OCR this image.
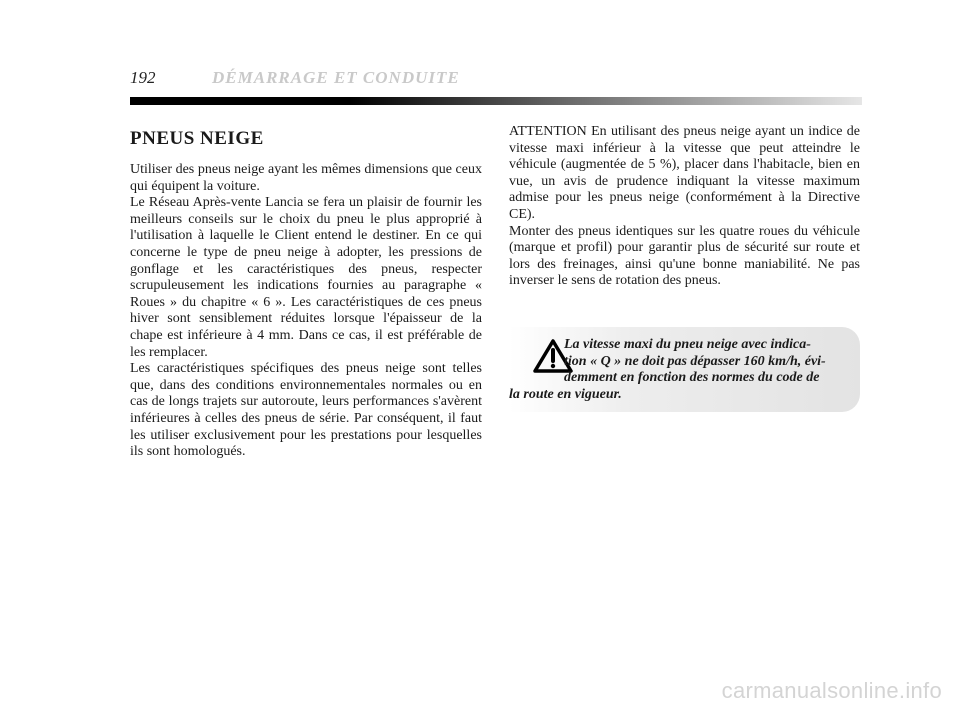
192	DÉMARRAGE ET CONDUITE
PNEUS NEIGE

Utiliser des pneus neige ayant les mêmes dimensions que ceux qui équipent la voiture.

Le Réseau Après-vente Lancia se fera un plaisir de fournir les meilleurs conseils sur le choix du pneu le plus approprié à l'utilisation à laquelle le Client entend le destiner. En ce qui concerne le type de pneu neige à adopter, les pressions de gonflage et les caractéristiques des pneus, respecter scrupuleusement les indications fournies au paragraphe « Roues » du chapitre « 6 ». Les caractéristiques de ces pneus hiver sont sensiblement réduites lorsque l'épaisseur de la chape est inférieure à 4 mm. Dans ce cas, il est préférable de les remplacer.

Les caractéristiques spécifiques des pneus neige sont telles que, dans des conditions environnementales normales ou en cas de longs trajets sur autoroute, leurs performances s'avèrent inférieures à celles des pneus de série. Par conséquent, il faut les utiliser exclusivement pour les prestations pour lesquelles ils sont homologués.

ATTENTION En utilisant des pneus neige ayant un indice de vitesse maxi inférieur à la vitesse que peut atteindre le véhicule (augmentée de 5 %), placer dans l'habitacle, bien en vue, un avis de prudence indiquant la vitesse maximum admise pour les pneus neige (conformément à la Directive CE).

Monter des pneus identiques sur les quatre roues du véhicule (marque et profil) pour garantir plus de sécurité sur route et lors des freinages, ainsi qu'une bonne maniabilité. Ne pas inverser le sens de rotation des pneus.

La vitesse maxi du pneu neige avec indica-
tion « Q » ne doit pas dépasser 160 km/h, évi-
demment en fonction des normes du code de
la route en vigueur.
carmanualsonline.info
